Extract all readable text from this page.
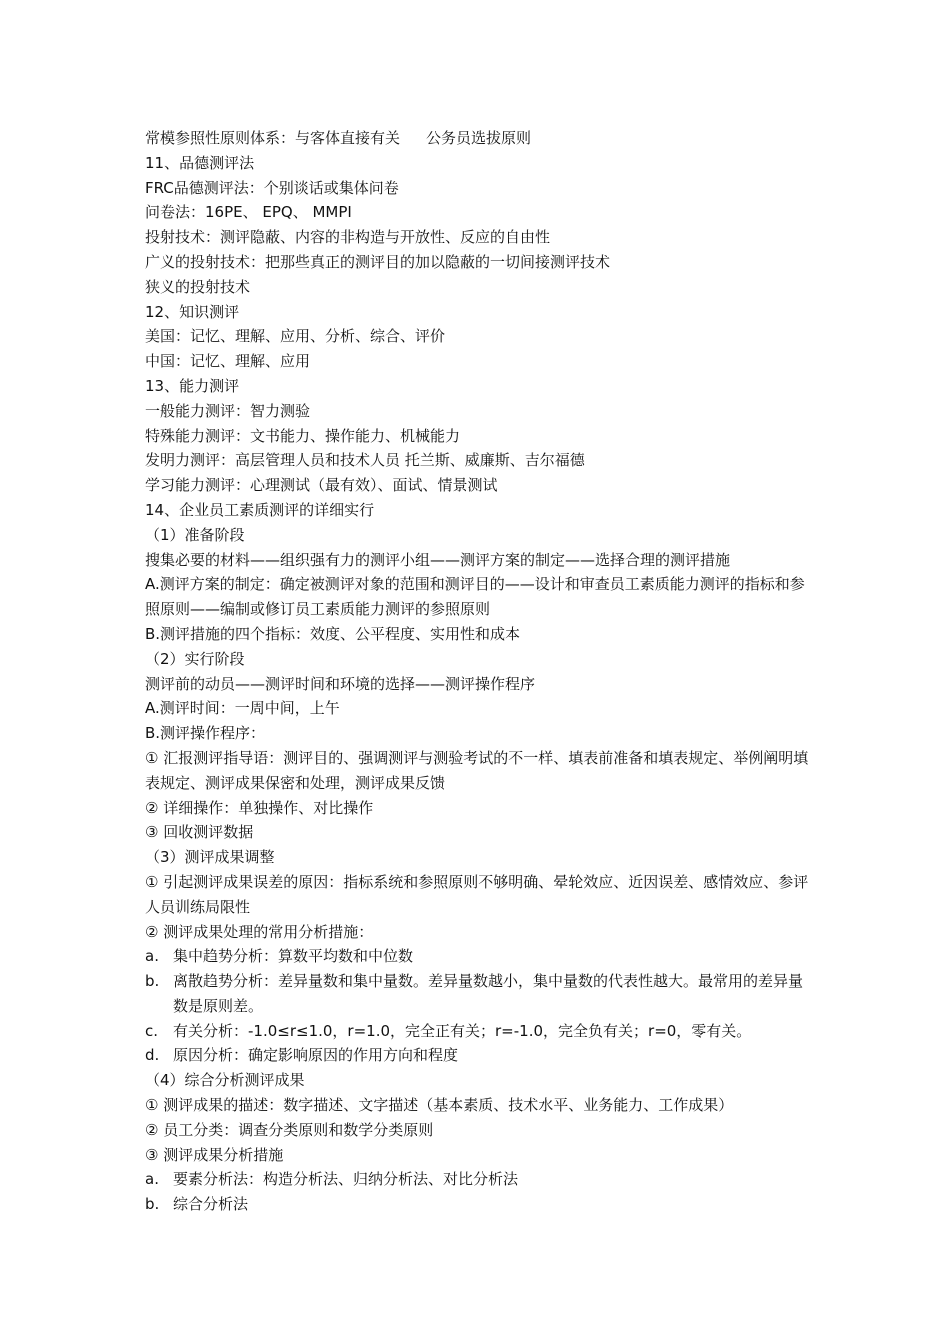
常模参照性原则体系：与客体直接有关 公务员选拔原则
11、品德测评法
FRC品德测评法：个别谈话或集体问卷
问卷法：16PE、 EPQ、 MMPI
投射技术：测评隐蔽、内容的非构造与开放性、反应的自由性
广义的投射技术：把那些真正的测评目的加以隐蔽的一切间接测评技术
狭义的投射技术
12、知识测评
美国：记忆、理解、应用、分析、综合、评价
中国：记忆、理解、应用
13、能力测评
一般能力测评：智力测验
特殊能力测评：文书能力、操作能力、机械能力
发明力测评：高层管理人员和技术人员 托兰斯、威廉斯、吉尔福德
学习能力测评：心理测试（最有效）、面试、情景测试
14、企业员工素质测评的详细实行
（1）准备阶段
搜集必要的材料——组织强有力的测评小组——测评方案的制定——选择合理的测评措施
A.测评方案的制定：确定被测评对象的范围和测评目的——设计和审查员工素质能力测评的指标和参照原则——编制或修订员工素质能力测评的参照原则
B.测评措施的四个指标：效度、公平程度、实用性和成本
（2）实行阶段
测评前的动员——测评时间和环境的选择——测评操作程序
A.测评时间：一周中间，上午
B.测评操作程序：
① 汇报测评指导语：测评目的、强调测评与测验考试的不一样、填表前准备和填表规定、举例阐明填表规定、测评成果保密和处理，测评成果反馈
② 详细操作：单独操作、对比操作
③ 回收测评数据
（3）测评成果调整
① 引起测评成果误差的原因：指标系统和参照原则不够明确、晕轮效应、近因误差、感情效应、参评人员训练局限性
② 测评成果处理的常用分析措施：
a. 集中趋势分析：算数平均数和中位数
b. 离散趋势分析：差异量数和集中量数。差异量数越小，集中量数的代表性越大。最常用的差异量数是原则差。
c. 有关分析：-1.0≤r≤1.0，r=1.0，完全正有关；r=-1.0，完全负有关；r=0，零有关。
d. 原因分析：确定影响原因的作用方向和程度
（4）综合分析测评成果
① 测评成果的描述：数字描述、文字描述（基本素质、技术水平、业务能力、工作成果）
② 员工分类：调查分类原则和数学分类原则
③ 测评成果分析措施
a. 要素分析法：构造分析法、归纳分析法、对比分析法
b. 综合分析法
